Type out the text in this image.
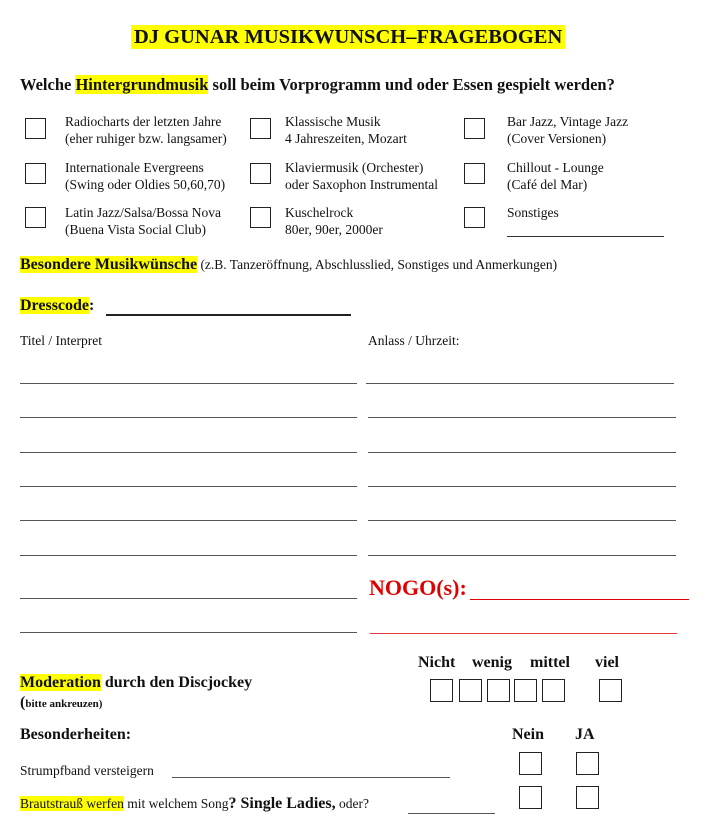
DJ GUNAR MUSIKWUNSCH–FRAGEBOGEN
Welche Hintergrundmusik soll beim Vorprogramm und oder Essen gespielt werden?
Radiocharts der letzten Jahre
(eher ruhiger bzw. langsamer)
Klassische Musik
4 Jahreszeiten, Mozart
Bar Jazz, Vintage Jazz
(Cover Versionen)
Internationale Evergreens
(Swing oder Oldies 50,60,70)
Klaviermusik (Orchester)
oder Saxophon Instrumental
Chillout - Lounge
(Café del Mar)
Latin Jazz/Salsa/Bossa Nova
(Buena Vista Social Club)
Kuschelrock
80er, 90er, 2000er
Sonstiges
Besondere Musikwünsche (z.B. Tanzeröffnung, Abschlusslied, Sonstiges und Anmerkungen)
Dresscode:
Titel / Interpret	Anlass / Uhrzeit:
NOGO(s):
Nicht wenig mittel viel
Moderation durch den Discjockey
(bitte ankreuzen)
Besonderheiten:	Nein JA
Strumpfband versteigern
Brautstrauß werfen mit welchem Song? Single Ladies, oder?
